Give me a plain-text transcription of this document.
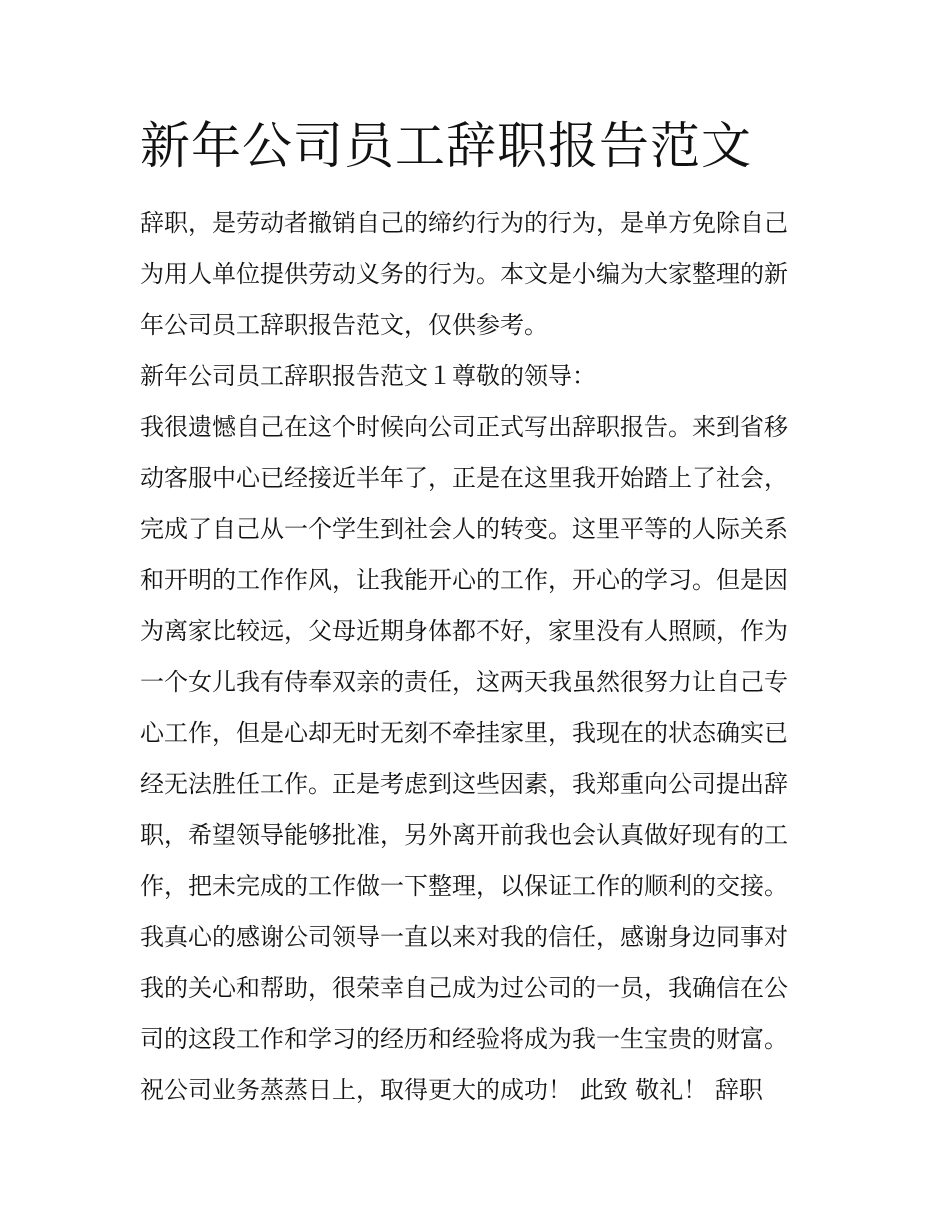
新年公司员工辞职报告范文
辞职，是劳动者撤销自己的缔约行为的行为，是单方免除自己
为用人单位提供劳动义务的行为。本文是小编为大家整理的新
年公司员工辞职报告范文，仅供参考。
新年公司员工辞职报告范文１尊敬的领导：
我很遗憾自己在这个时候向公司正式写出辞职报告。来到省移
动客服中心已经接近半年了，正是在这里我开始踏上了社会，
完成了自己从一个学生到社会人的转变。这里平等的人际关系
和开明的工作作风，让我能开心的工作，开心的学习。但是因
为离家比较远，父母近期身体都不好，家里没有人照顾，作为
一个女儿我有侍奉双亲的责任，这两天我虽然很努力让自己专
心工作，但是心却无时无刻不牵挂家里，我现在的状态确实已
经无法胜任工作。正是考虑到这些因素，我郑重向公司提出辞
职，希望领导能够批准，另外离开前我也会认真做好现有的工
作，把未完成的工作做一下整理，以保证工作的顺利的交接。
我真心的感谢公司领导一直以来对我的信任，感谢身边同事对
我的关心和帮助，很荣幸自己成为过公司的一员，我确信在公
司的这段工作和学习的经历和经验将成为我一生宝贵的财富。
祝公司业务蒸蒸日上，取得更大的成功！ 此致 敬礼！ 辞职
